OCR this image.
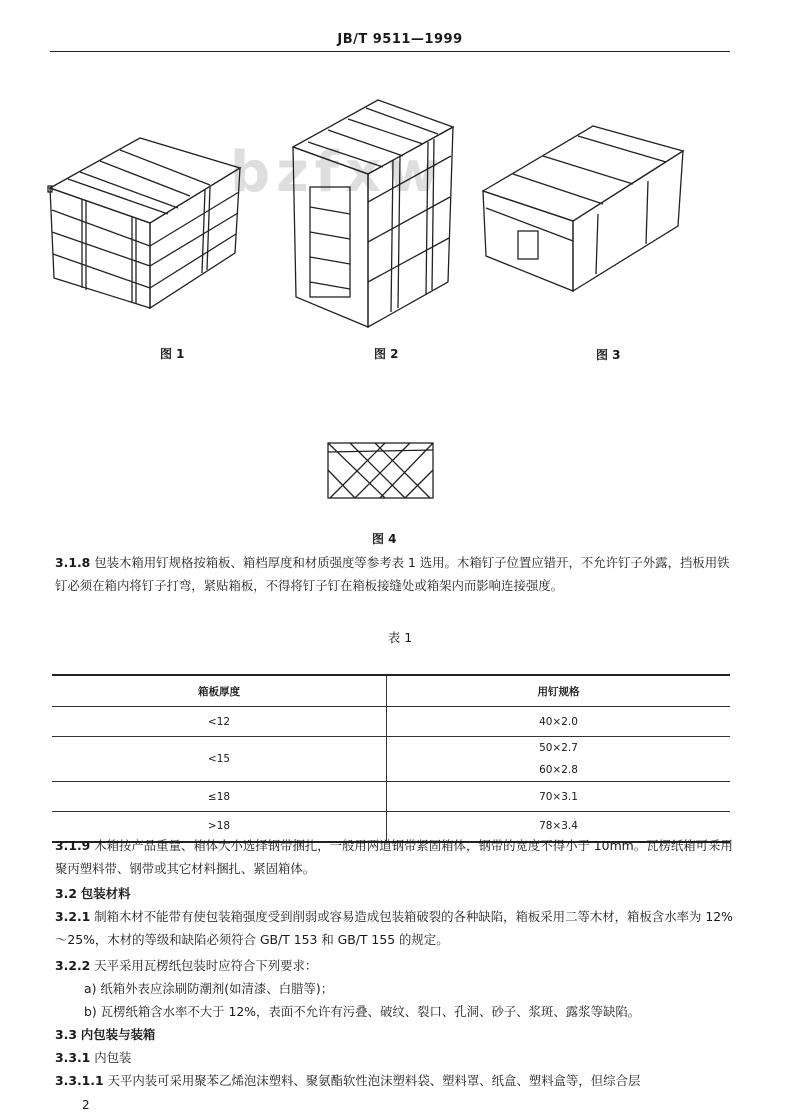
JB/T 9511—1999
bzfxw
图 1	图 2	图 3
图 4
3.1.8 包装木箱用钉规格按箱板、箱档厚度和材质强度等参考表 1 选用。木箱钉子位置应错开，不允许钉子外露，挡板用铁钉必须在箱内将钉子打弯，紧贴箱板，不得将钉子钉在箱板接缝处或箱架内而影响连接强度。
表 1
箱板厚度	用钉规格
<12	40×2.0
<15	50×2.7
60×2.8

≤18	70×3.1
>18	78×3.4
3.1.9 木箱按产品重量、箱体大小选择钢带捆扎，一般用两道钢带紧固箱体，钢带的宽度不得小于 10mm。瓦楞纸箱可采用聚丙塑料带、钢带或其它材料捆扎、紧固箱体。
3.2 包装材料
3.2.1 制箱木材不能带有使包装箱强度受到削弱或容易造成包装箱破裂的各种缺陷，箱板采用二等木材，箱板含水率为 12%～25%，木材的等级和缺陷必须符合 GB/T 153 和 GB/T 155 的规定。
3.2.2 天平采用瓦楞纸包装时应符合下列要求：
a) 纸箱外表应涂刷防潮剂(如清漆、白腊等)；
b) 瓦楞纸箱含水率不大于 12%，表面不允许有污叠、破纹、裂口、孔洞、砂子、浆斑、露浆等缺陷。
3.3 内包装与装箱
3.3.1 内包装
3.3.1.1 天平内装可采用聚苯乙烯泡沫塑料、聚氨酯软性泡沫塑料袋、塑料罩、纸盒、塑料盒等，但综合层
2
